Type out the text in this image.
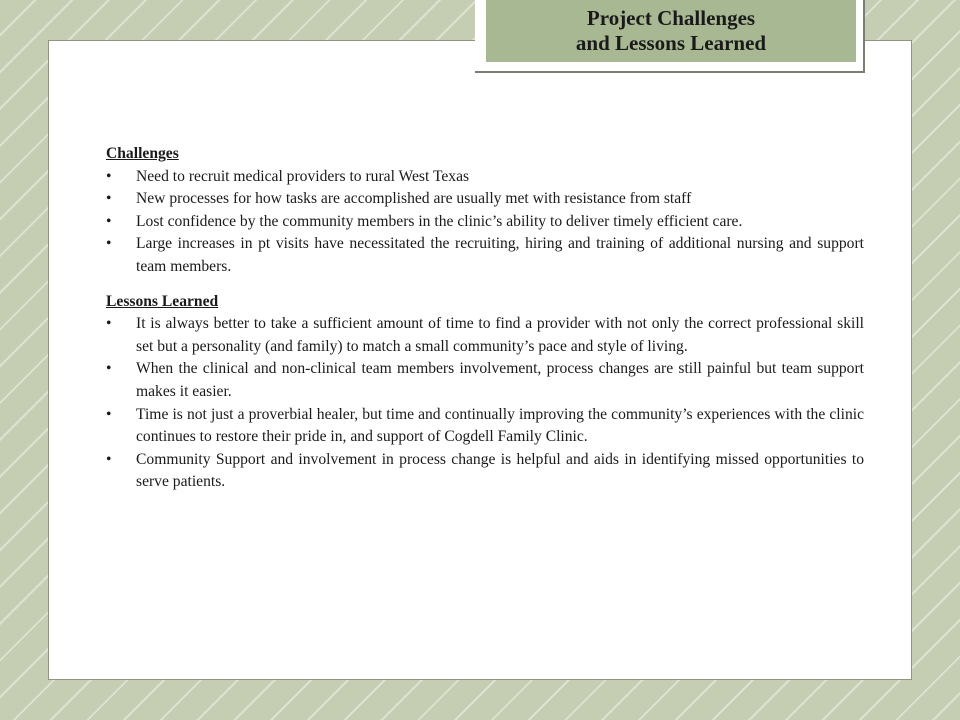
Project Challenges
and Lessons Learned

Challenges

•	Need to recruit medical providers to rural West Texas
•	New processes for how tasks are accomplished are usually met with resistance from staff
•	Lost confidence by the community members in the clinic’s ability to deliver timely efficient care.
•	Large increases in pt visits have necessitated the recruiting, hiring and training of additional nursing and support team members.

Lessons Learned

•	It is always better to take a sufficient amount of time to find a provider with not only the correct professional skill set but a personality (and family) to match a small community’s pace and style of living.
•	When the clinical and non-clinical team members involvement, process changes are still painful but team support makes it easier.
•	Time is not just a proverbial healer, but time and continually improving the community’s experiences with the clinic continues to restore their pride in, and support of Cogdell Family Clinic.
•	Community Support and involvement in process change is helpful and aids in identifying missed opportunities to serve patients.
